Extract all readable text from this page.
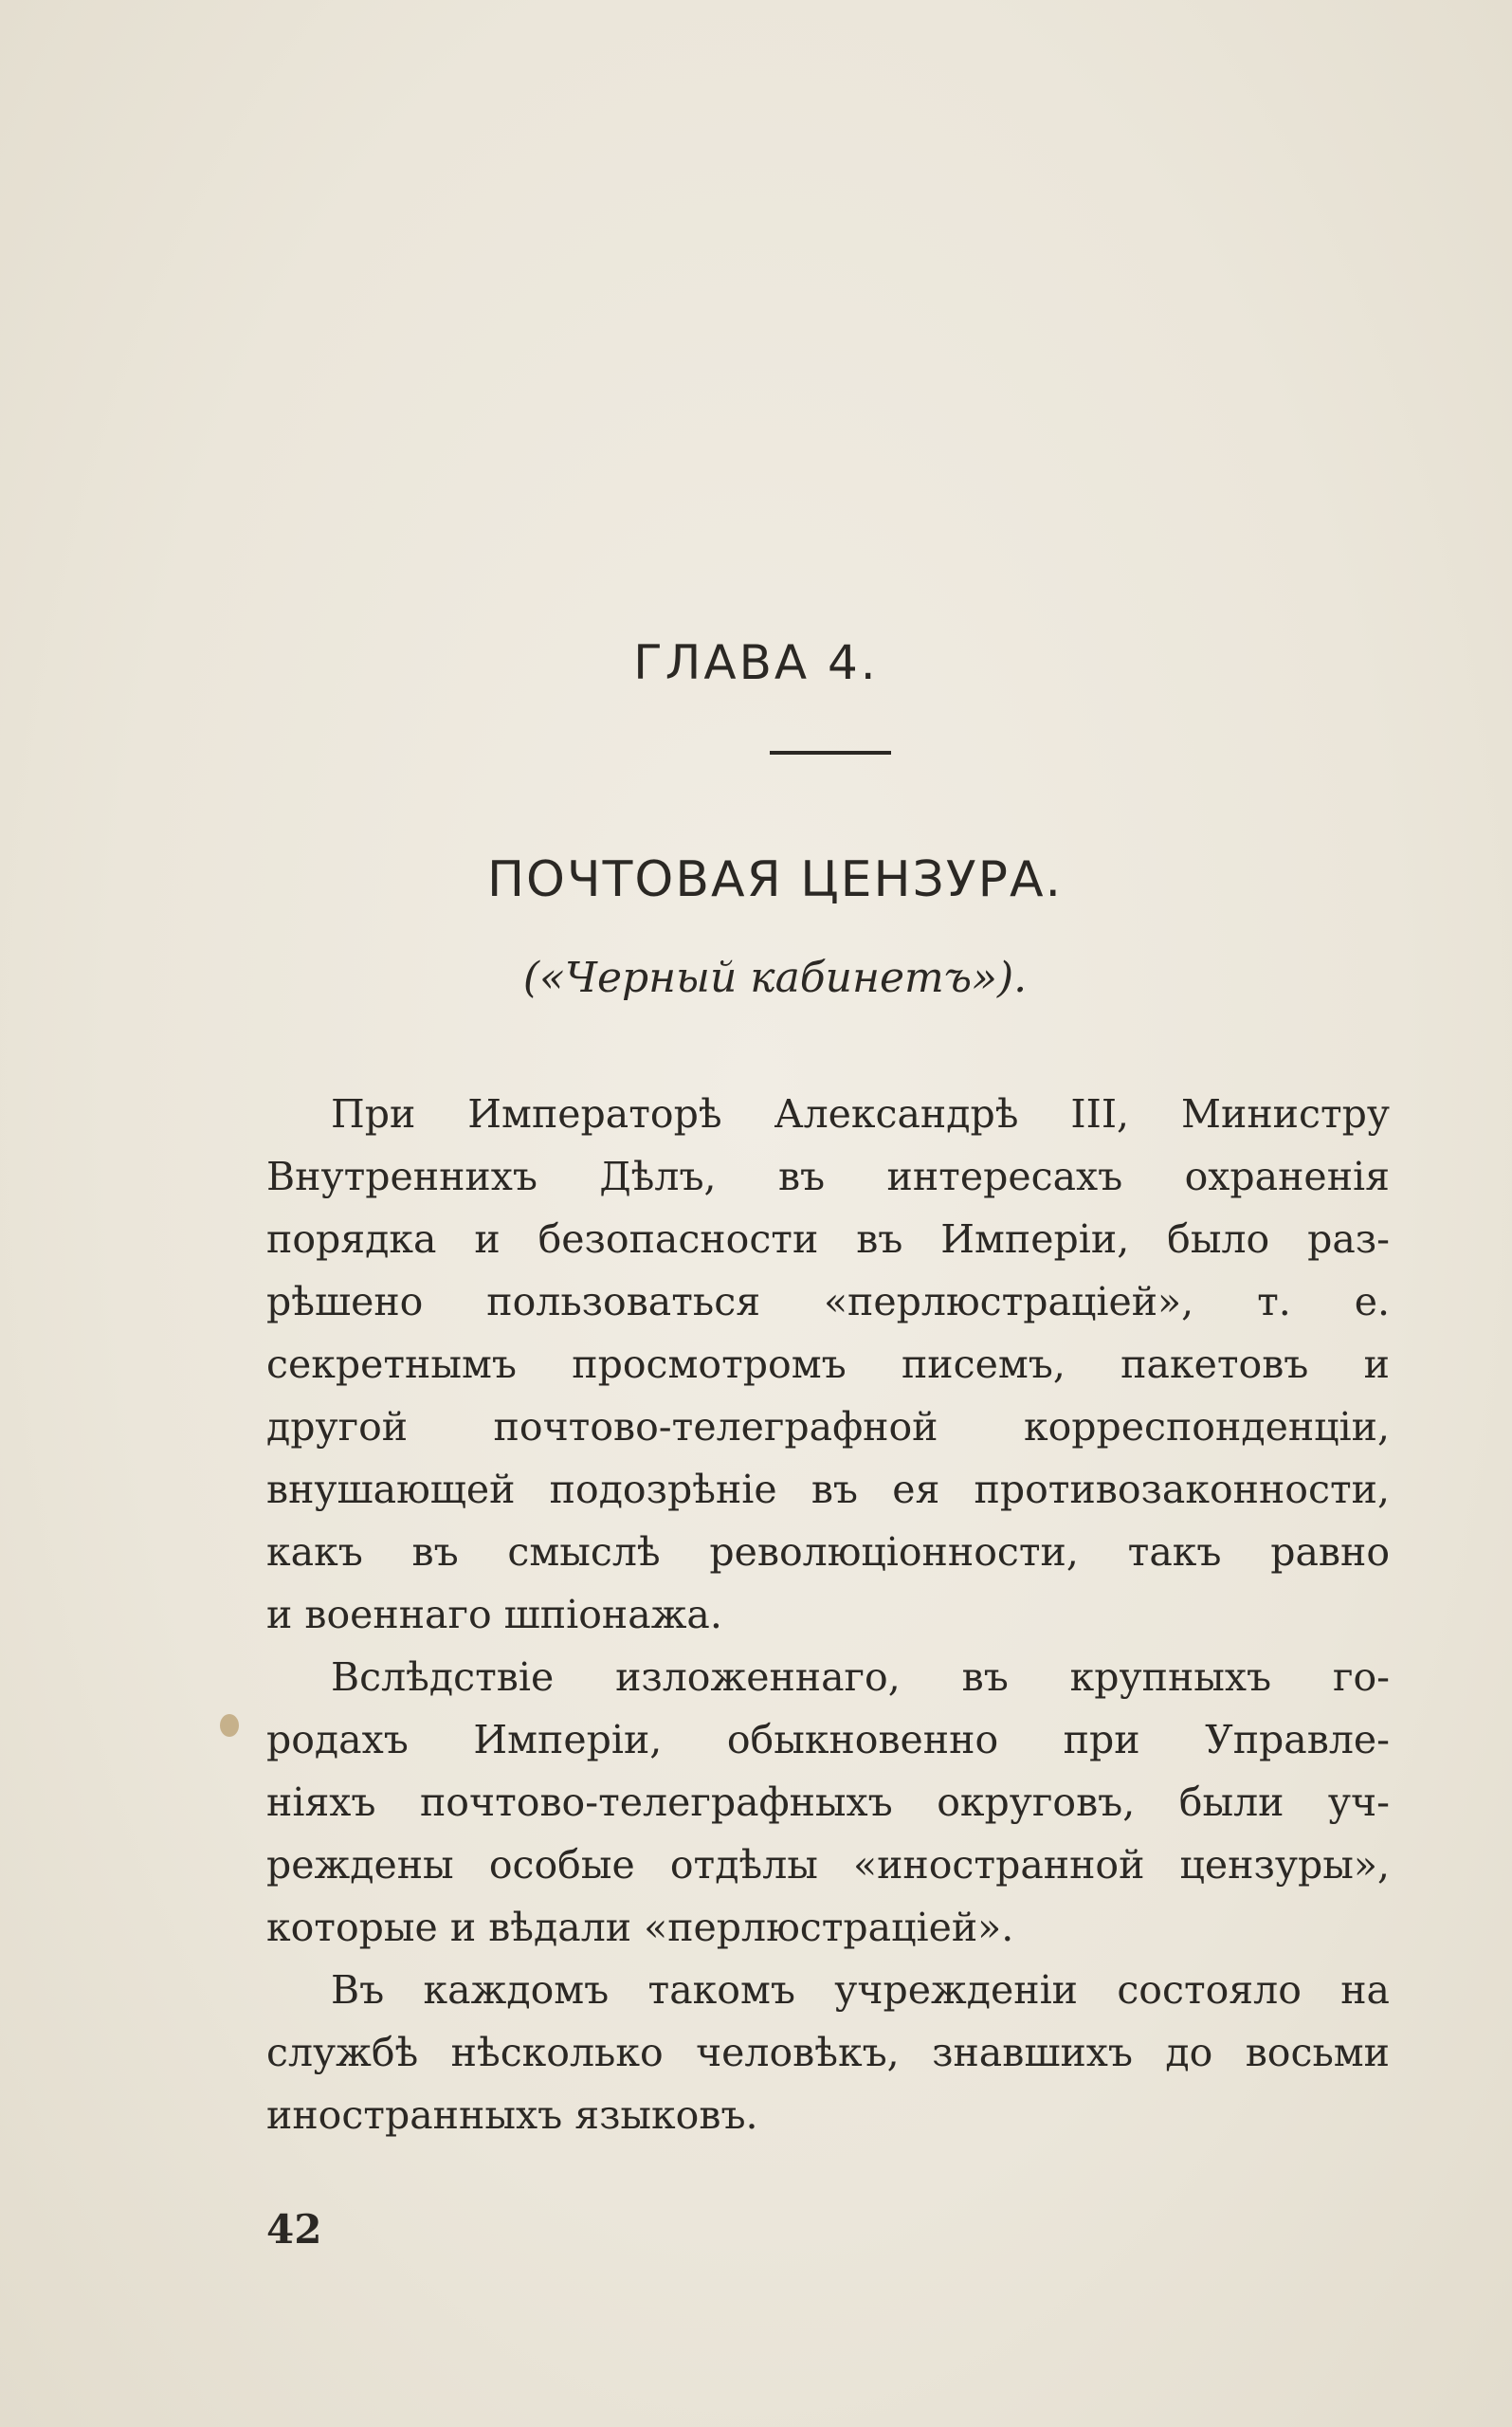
ГЛАВА 4.
ПОЧТОВАЯ ЦЕНЗУРА.
(«Черный кабинетъ»).
При Императорѣ Александрѣ III, Министру
Внутреннихъ Дѣлъ, въ интересахъ охраненія
порядка и безопасности въ Имперіи, было раз-
рѣшено пользоваться «перлюстраціей», т. е.
секретнымъ просмотромъ писемъ, пакетовъ и
другой почтово-телеграфной корреспонденціи,
внушающей подозрѣніе въ ея противозаконности,
какъ въ смыслѣ революціонности, такъ равно
и военнаго шпіонажа.
Вслѣдствіе изложеннаго, въ крупныхъ го-
родахъ Имперіи, обыкновенно при Управле-
ніяхъ почтово-телеграфныхъ округовъ, были уч-
реждены особые отдѣлы «иностранной цензуры»,
которые и вѣдали «перлюстраціей».
Въ каждомъ такомъ учрежденіи состояло на
службѣ нѣсколько человѣкъ, знавшихъ до восьми
иностранныхъ языковъ.
42
